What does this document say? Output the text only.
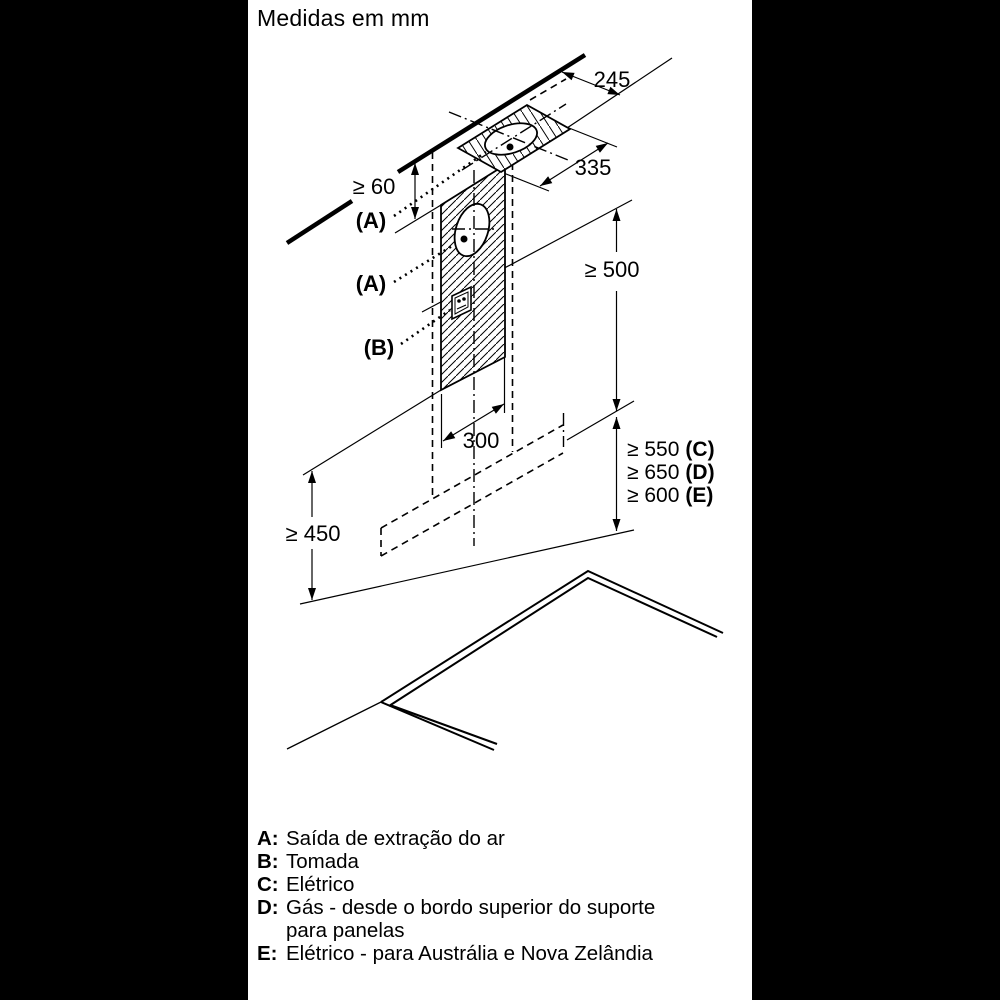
Medidas em mm
245
335
≥ 60
≥ 500
300
≥ 450
≥ 550 (C)
≥ 650 (D)
≥ 600 (E)
(A)
(A)
(B)
A: Saída de extração do ar
B: Tomada
C: Elétrico
D: Gás - desde o bordo superior do suporte
para panelas
E: Elétrico - para Austrália e Nova Zelândia
